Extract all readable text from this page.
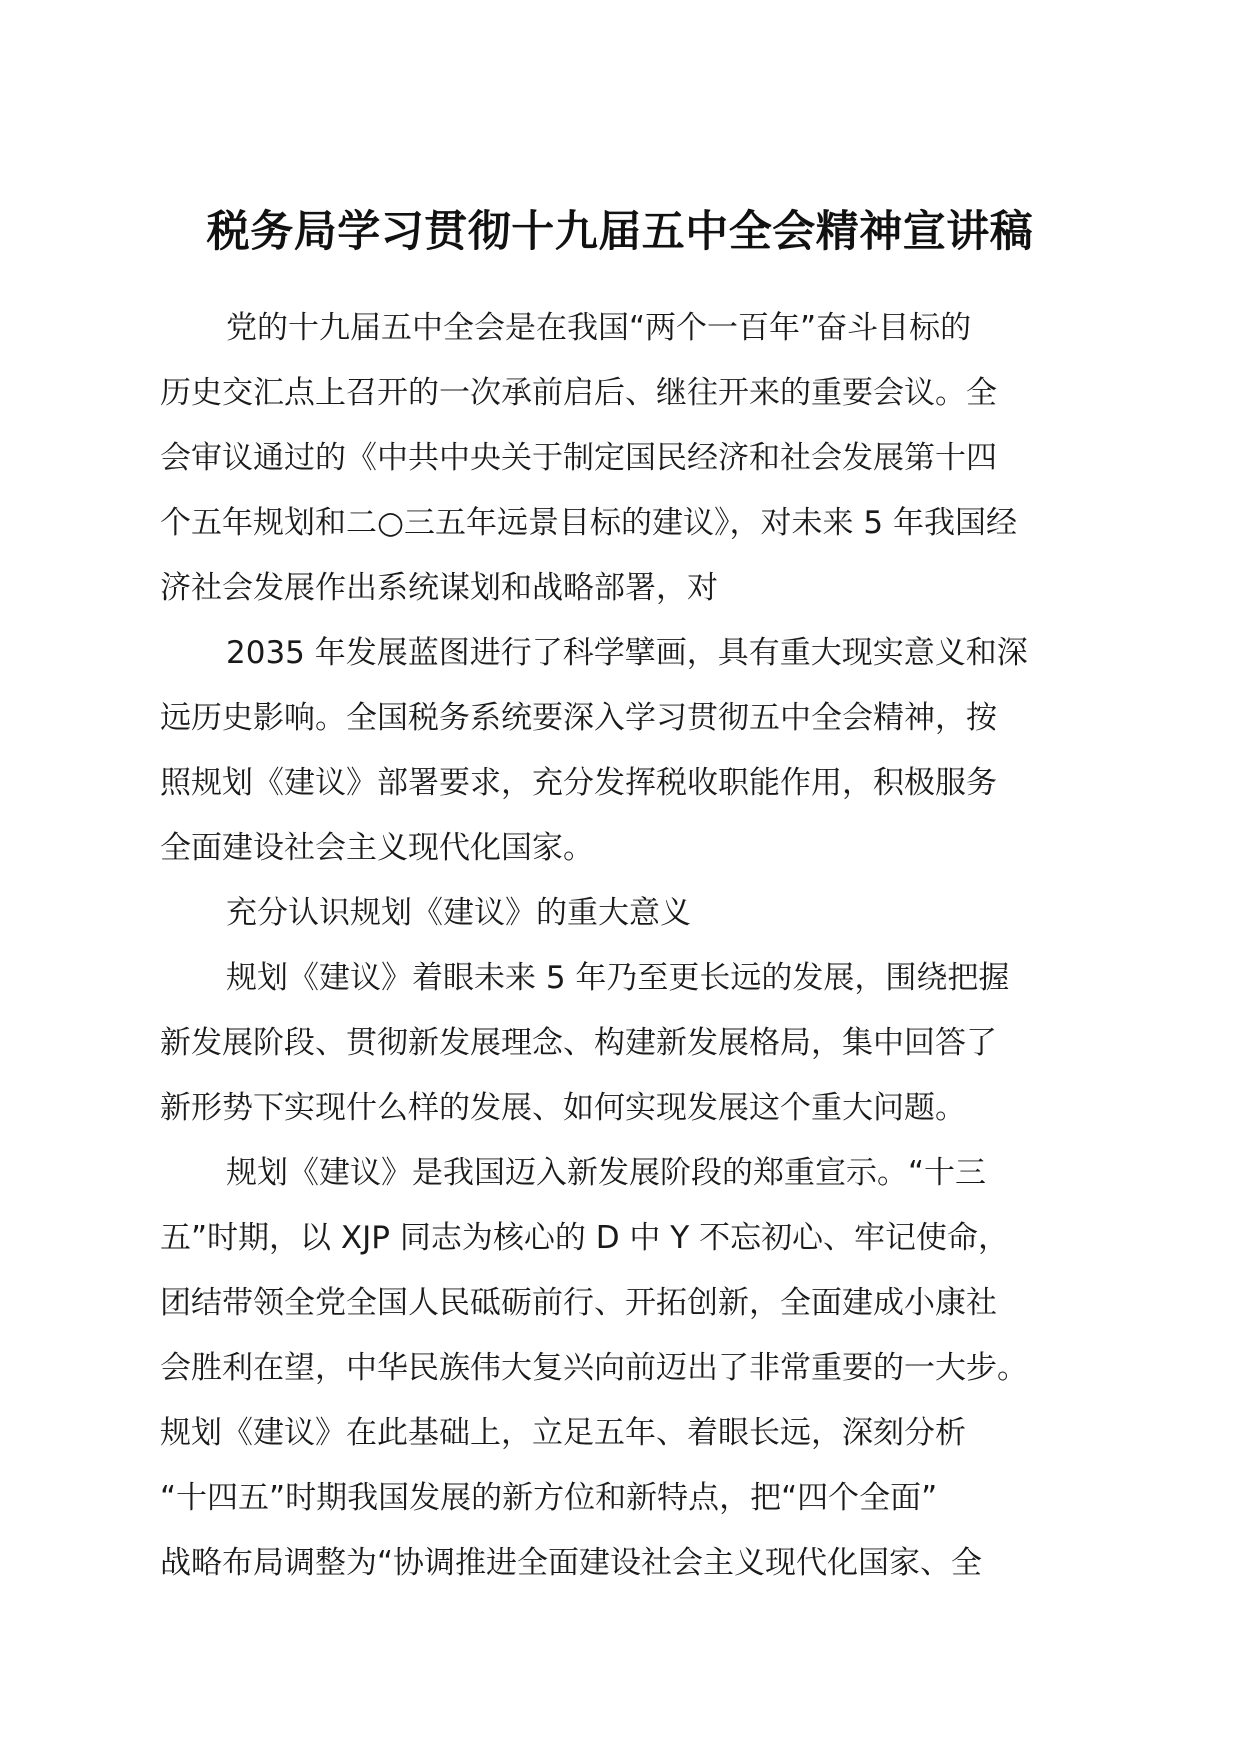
税务局学习贯彻十九届五中全会精神宣讲稿

党的十九届五中全会是在我国“两个一百年”奋斗目标的

历史交汇点上召开的一次承前启后、继往开来的重要会议。全

会审议通过的《中共中央关于制定国民经济和社会发展第十四

个五年规划和二○三五年远景目标的建议》，对未来 5 年我国经

济社会发展作出系统谋划和战略部署，对

2035 年发展蓝图进行了科学擘画，具有重大现实意义和深

远历史影响。全国税务系统要深入学习贯彻五中全会精神，按

照规划《建议》部署要求，充分发挥税收职能作用，积极服务

全面建设社会主义现代化国家。

充分认识规划《建议》的重大意义

规划《建议》着眼未来 5 年乃至更长远的发展，围绕把握

新发展阶段、贯彻新发展理念、构建新发展格局，集中回答了

新形势下实现什么样的发展、如何实现发展这个重大问题。

规划《建议》是我国迈入新发展阶段的郑重宣示。“十三

五”时期，以 XJP 同志为核心的 D 中 Y 不忘初心、牢记使命，

团结带领全党全国人民砥砺前行、开拓创新，全面建成小康社

会胜利在望，中华民族伟大复兴向前迈出了非常重要的一大步。

规划《建议》在此基础上，立足五年、着眼长远，深刻分析

“十四五”时期我国发展的新方位和新特点，把“四个全面”

战略布局调整为“协调推进全面建设社会主义现代化国家、全
